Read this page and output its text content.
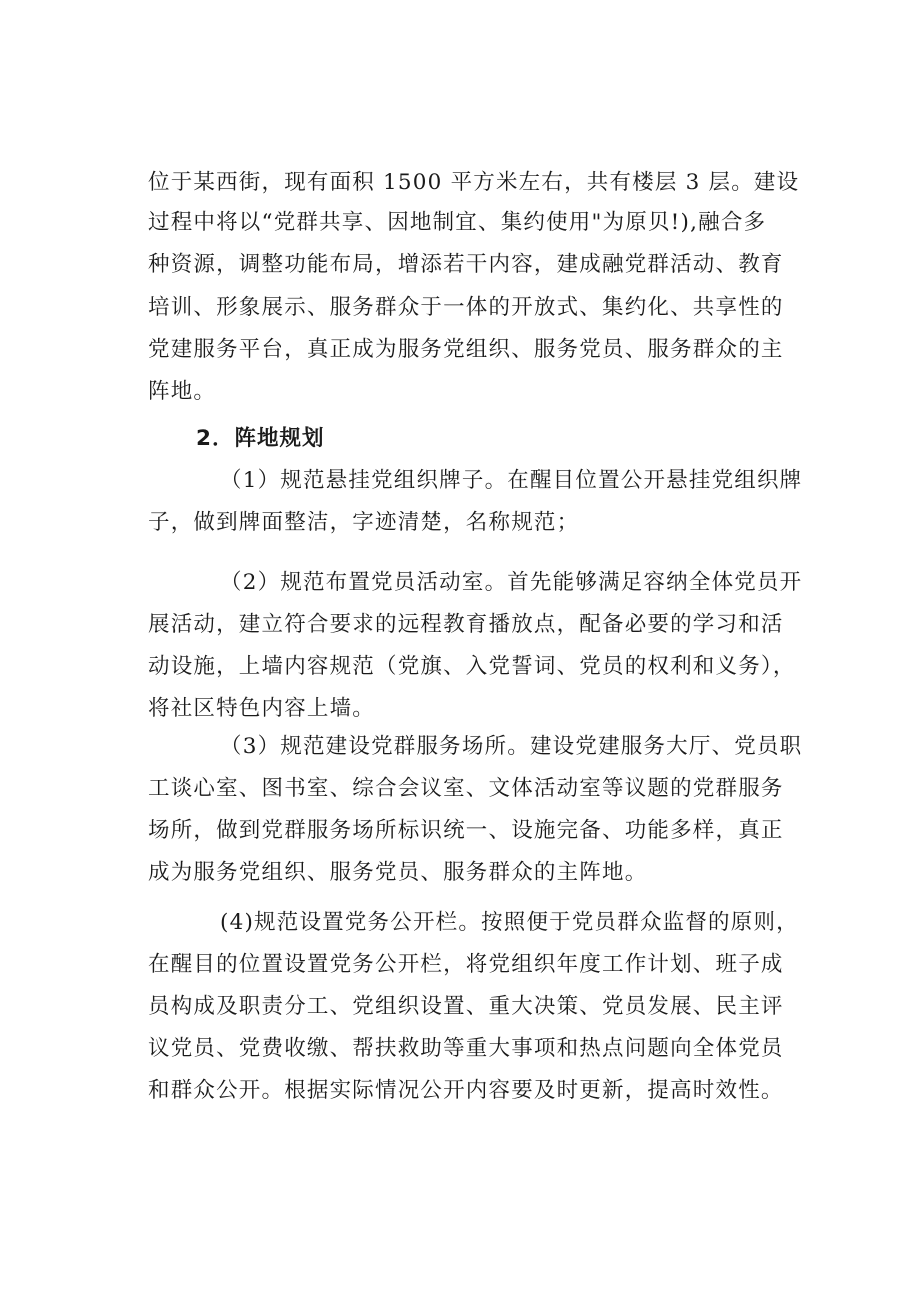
位于某西街，现有面积 1500 平方米左右，共有楼层 3 层。建设
过程中将以“党群共享、因地制宜、集约使用"为原贝!),融合多
种资源，调整功能布局，增添若干内容，建成融党群活动、教育
培训、形象展示、服务群众于一体的开放式、集约化、共享性的
党建服务平台，真正成为服务党组织、服务党员、服务群众的主
阵地。
2．阵地规划
（1）规范悬挂党组织牌子。在醒目位置公开悬挂党组织牌
子，做到牌面整洁，字迹清楚，名称规范；
（2）规范布置党员活动室。首先能够满足容纳全体党员开
展活动，建立符合要求的远程教育播放点，配备必要的学习和活
动设施，上墙内容规范（党旗、入党誓词、党员的权利和义务），
将社区特色内容上墙。
（3）规范建设党群服务场所。建设党建服务大厅、党员职
工谈心室、图书室、综合会议室、文体活动室等议题的党群服务
场所，做到党群服务场所标识统一、设施完备、功能多样，真正
成为服务党组织、服务党员、服务群众的主阵地。
(4)规范设置党务公开栏。按照便于党员群众监督的原则，
在醒目的位置设置党务公开栏，将党组织年度工作计划、班子成
员构成及职责分工、党组织设置、重大决策、党员发展、民主评
议党员、党费收缴、帮扶救助等重大事项和热点问题向全体党员
和群众公开。根据实际情况公开内容要及时更新，提高时效性。
